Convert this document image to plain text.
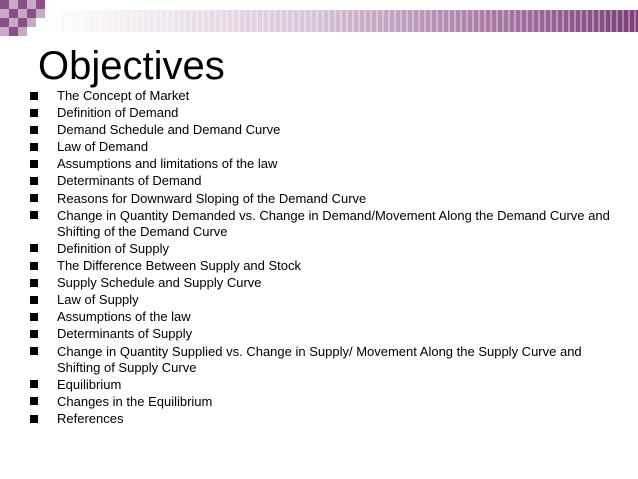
Objectives
The Concept of Market
Definition of Demand
Demand Schedule and Demand Curve
Law of Demand
Assumptions and limitations of the law
Determinants of Demand
Reasons for Downward Sloping of the Demand Curve
Change in Quantity Demanded vs. Change in Demand/Movement Along the Demand Curve and Shifting of the Demand Curve
Definition of Supply
The Difference Between Supply and Stock
Supply Schedule and Supply Curve
Law of Supply
Assumptions of the law
Determinants of Supply
Change in Quantity Supplied vs. Change in Supply/ Movement Along the Supply Curve and Shifting of Supply Curve
Equilibrium
Changes in the Equilibrium
References
